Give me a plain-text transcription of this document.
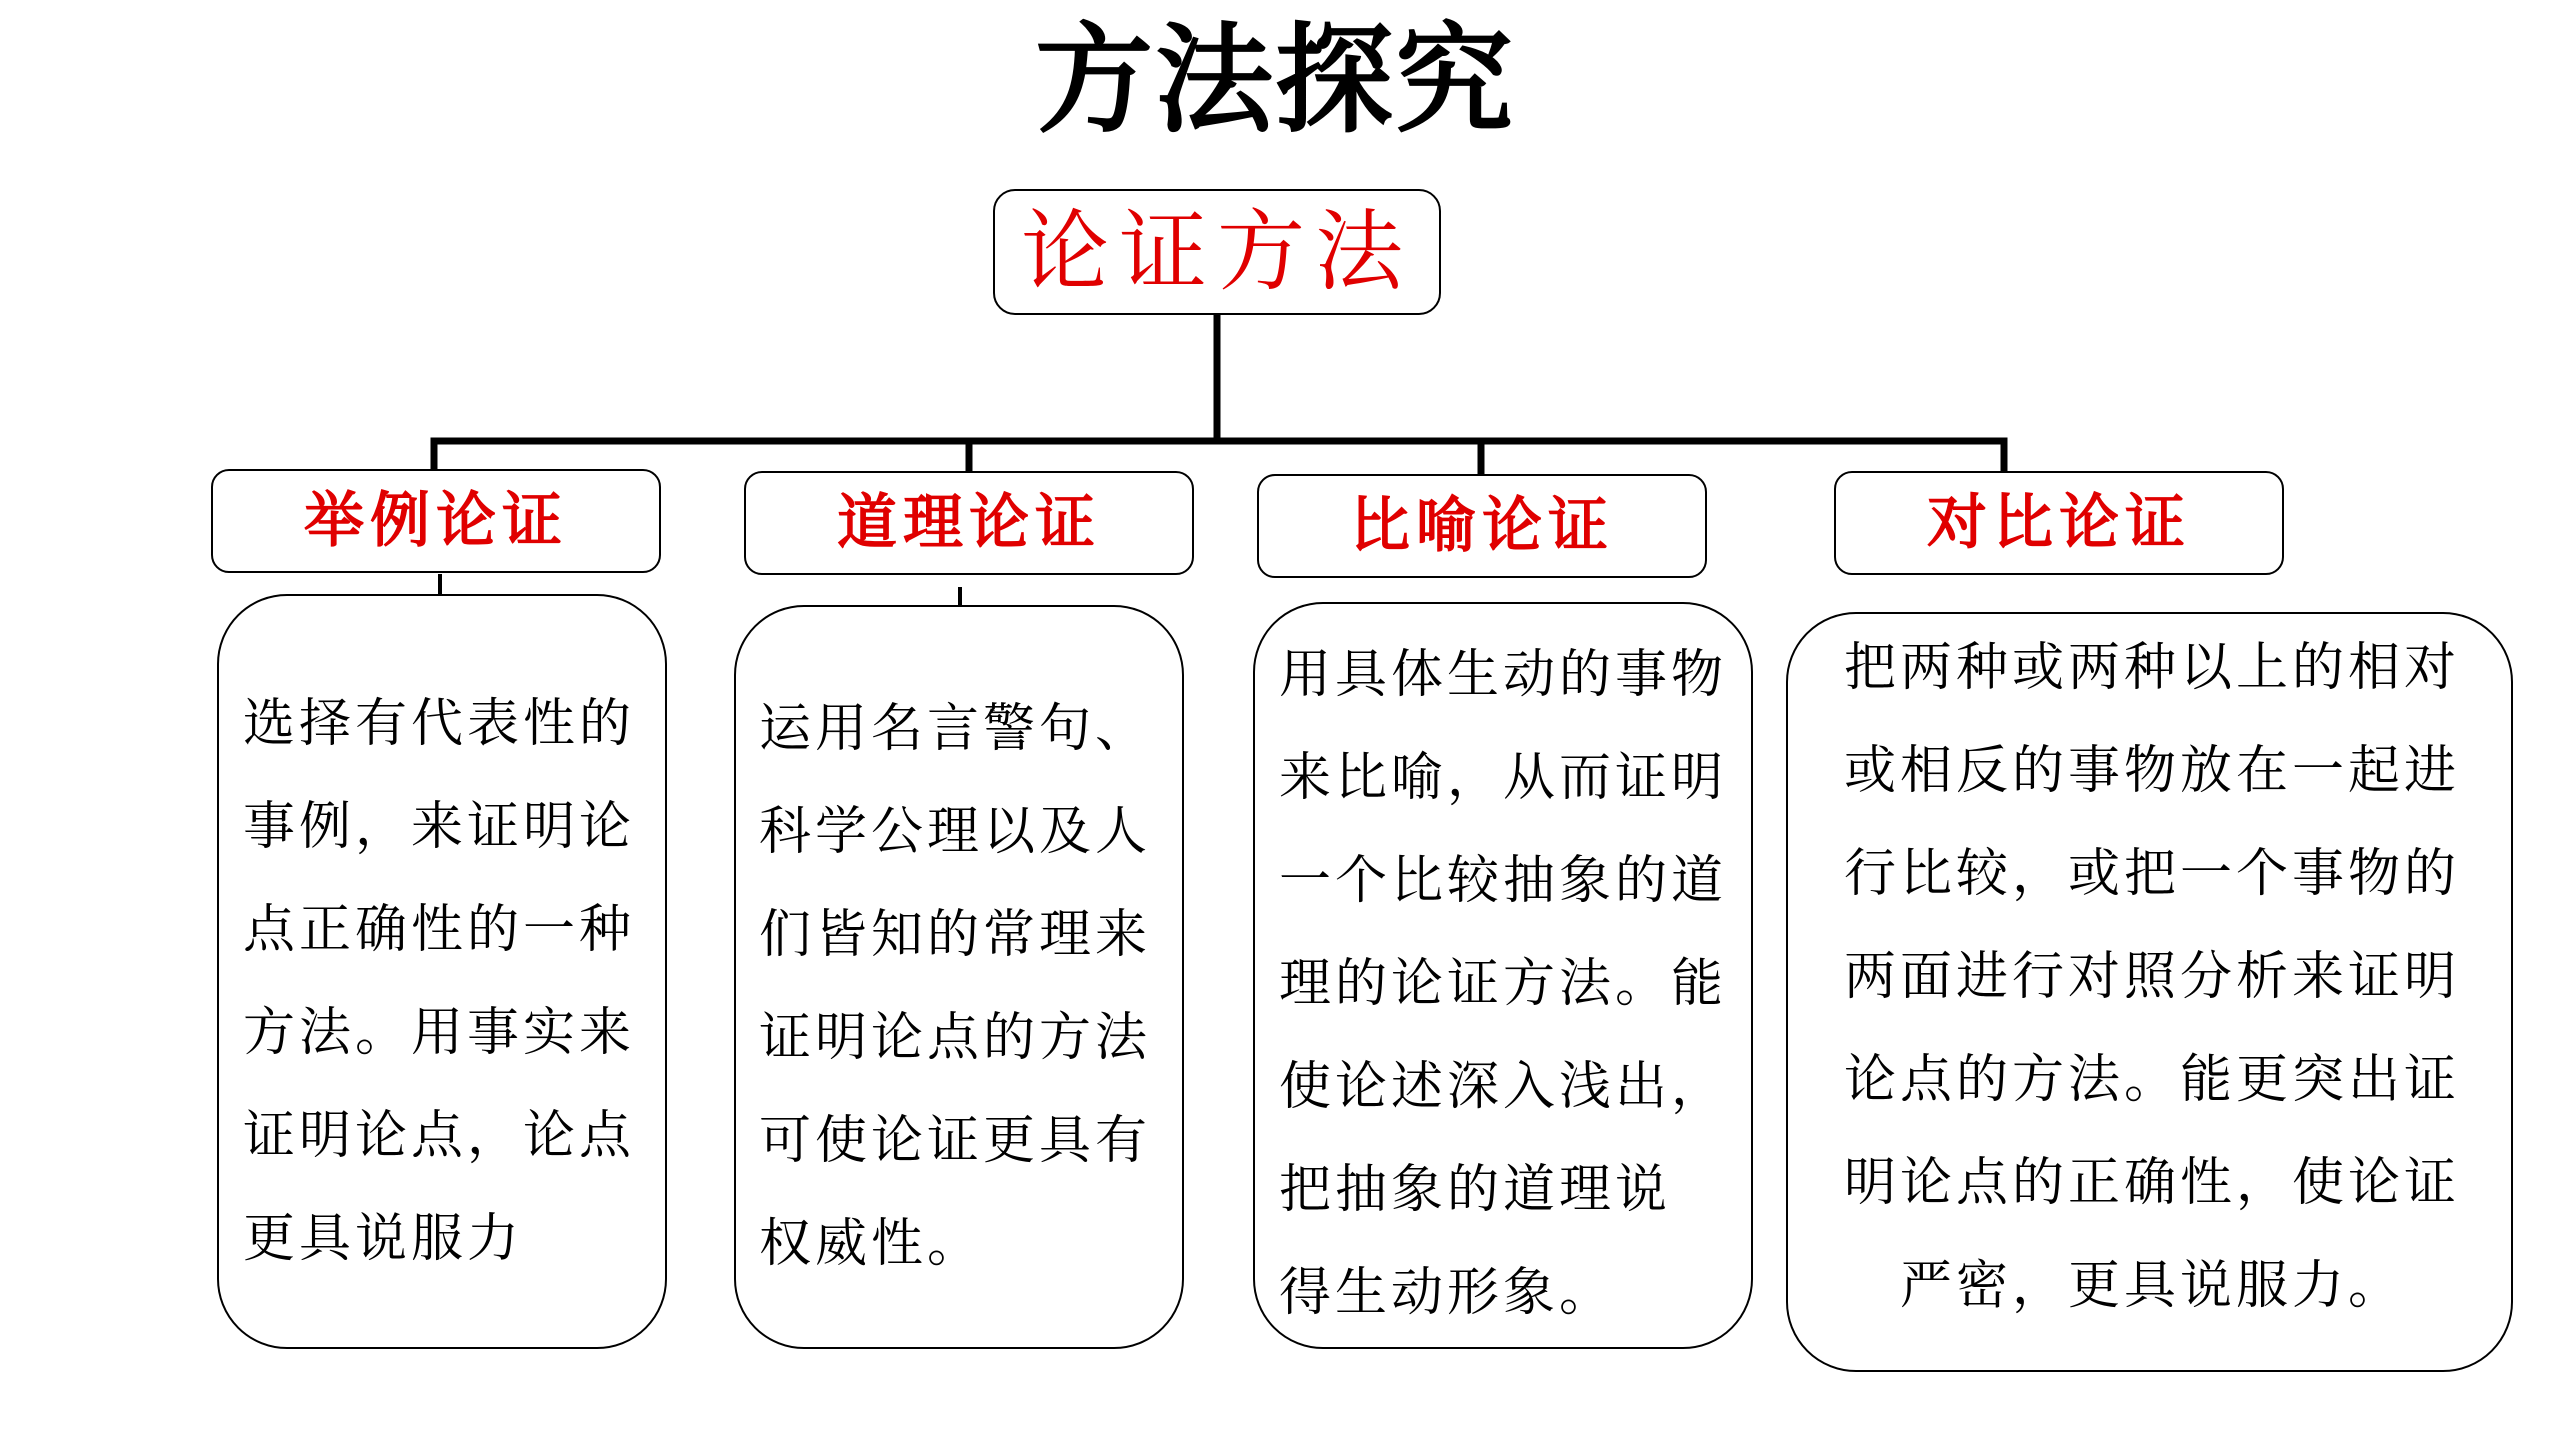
方法探究
论证方法
举例论证	道理论证	比喻论证	对比论证
选择有代表性的
事例，来证明论
点正确性的一种
方法。用事实来
证明论点，论点
更具说服力
运用名言警句、
科学公理以及人
们皆知的常理来
证明论点的方法
可使论证更具有
权威性。
用具体生动的事物
来比喻，从而证明
一个比较抽象的道
理的论证方法。能
使论述深入浅出，
把抽象的道理说
得生动形象。
把两种或两种以上的相对
或相反的事物放在一起进
行比较，或把一个事物的
两面进行对照分析来证明
论点的方法。能更突出证
明论点的正确性，使论证
严密，更具说服力。
